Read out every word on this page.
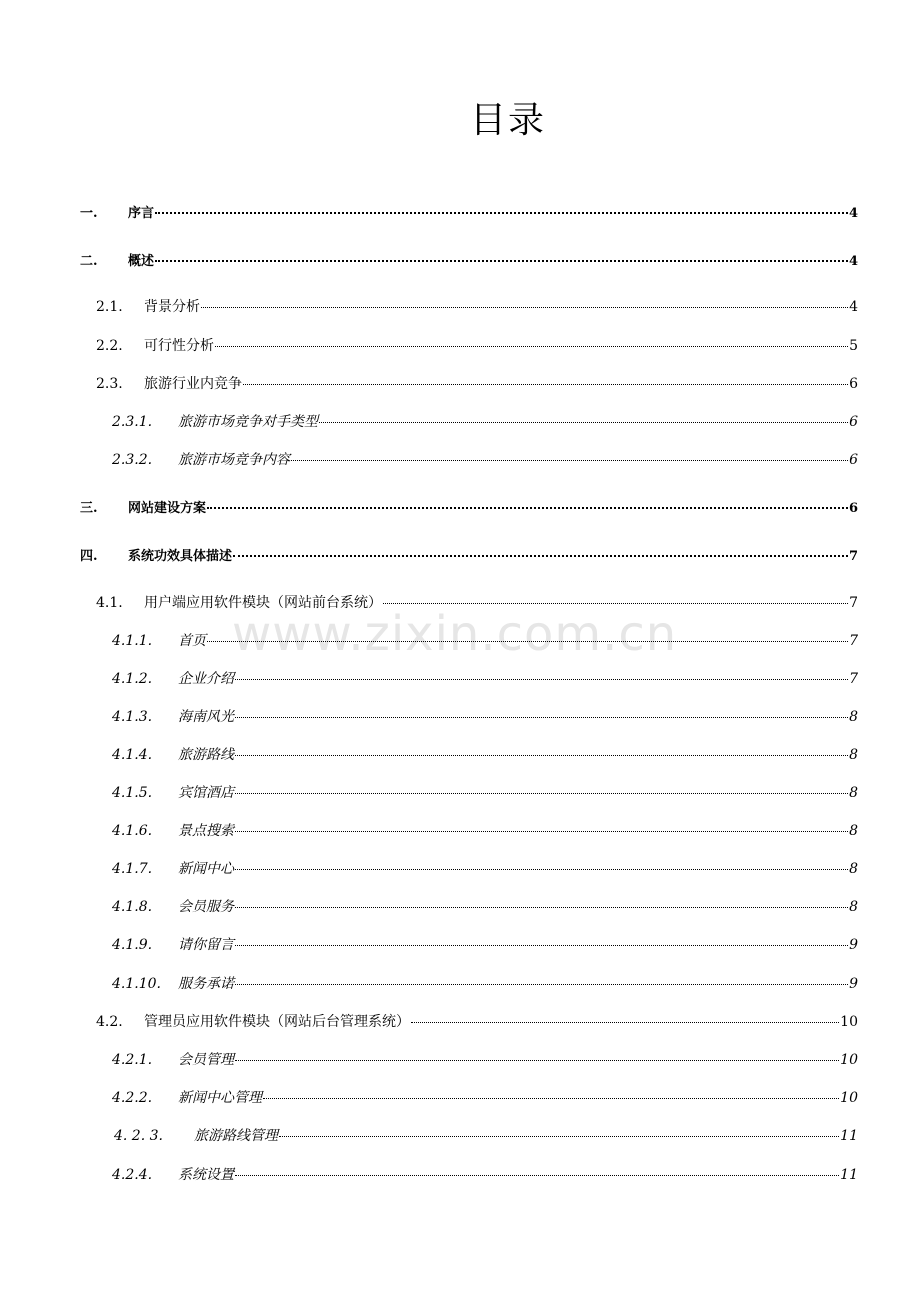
www.zixin.com.cn
目录
一.	序言	4
二.	概述	4
2.1.	背景分析	4
2.2.	可行性分析	5
2.3.	旅游行业内竞争	6
2.3.1.	旅游市场竞争对手类型	6
2.3.2.	旅游市场竞争内容	6
三.	网站建设方案	6
四.	系统功效具体描述	7
4.1.	用户端应用软件模块（网站前台系统）	7
4.1.1.	首页	7
4.1.2.	企业介绍	7
4.1.3.	海南风光	8
4.1.4.	旅游路线	8
4.1.5.	宾馆酒店	8
4.1.6.	景点搜索	8
4.1.7.	新闻中心	8
4.1.8.	会员服务	8
4.1.9.	请你留言	9
4.1.10.	服务承诺	9
4.2.	管理员应用软件模块（网站后台管理系统）	10
4.2.1.	会员管理	10
4.2.2.	新闻中心管理	10
4. 2. 3.	旅游路线管理	11
4.2.4.	系统设置	11
